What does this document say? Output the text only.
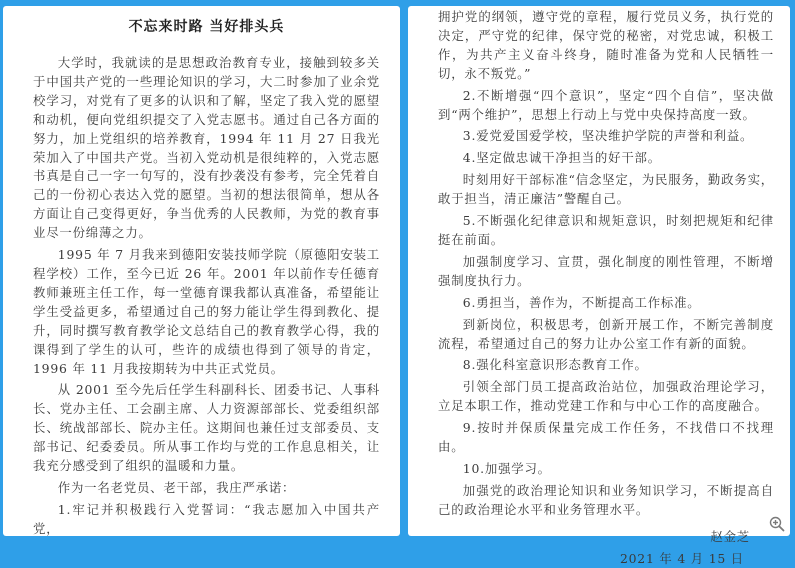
不忘来时路 当好排头兵

大学时，我就读的是思想政治教育专业，接触到较多关于中国共产党的一些理论知识的学习，大二时参加了业余党校学习，对党有了更多的认识和了解，坚定了我入党的愿望和动机，便向党组织提交了入党志愿书。通过自己各方面的努力，加上党组织的培养教育，1994 年 11 月 27 日我光荣加入了中国共产党。当初入党动机是很纯粹的，入党志愿书真是自己一字一句写的，没有抄袭没有参考，完全凭着自己的一份初心表达入党的愿望。当初的想法很简单，想从各方面让自己变得更好，争当优秀的人民教师，为党的教育事业尽一份绵薄之力。

1995 年 7 月我来到德阳安装技师学院（原德阳安装工程学校）工作，至今已近 26 年。2001 年以前作专任德育教师兼班主任工作，每一堂德育课我都认真准备，希望能让学生受益更多，希望通过自己的努力能让学生得到教化、提升，同时撰写教育教学论文总结自己的教育教学心得，我的课得到了学生的认可，些许的成绩也得到了领导的肯定，1996 年 11 月我按期转为中共正式党员。

从 2001 至今先后任学生科副科长、团委书记、人事科长、党办主任、工会副主席、人力资源部部长、党委组织部长、统战部部长、院办主任。这期间也兼任过支部委员、支部书记、纪委委员。所从事工作均与党的工作息息相关，让我充分感受到了组织的温暖和力量。

作为一名老党员、老干部，我庄严承诺：

1.牢记并积极践行入党誓词：“我志愿加入中国共产党，

拥护党的纲领，遵守党的章程，履行党员义务，执行党的决定，严守党的纪律，保守党的秘密，对党忠诚，积极工作，为共产主义奋斗终身，随时准备为党和人民牺牲一切，永不叛党。”

2.不断增强“四个意识”，坚定“四个自信”，坚决做到“两个维护”，思想上行动上与党中央保持高度一致。

3.爱党爱国爱学校，坚决维护学院的声誉和利益。

4.坚定做忠诚干净担当的好干部。

时刻用好干部标准“信念坚定，为民服务，勤政务实，敢于担当，清正廉洁”警醒自己。

5.不断强化纪律意识和规矩意识，时刻把规矩和纪律挺在前面。

加强制度学习、宣贯，强化制度的刚性管理，不断增强制度执行力。

6.勇担当，善作为，不断提高工作标准。

到新岗位，积极思考，创新开展工作，不断完善制度流程，希望通过自己的努力让办公室工作有新的面貌。

8.强化科室意识形态教育工作。

引领全部门员工提高政治站位，加强政治理论学习，立足本职工作，推动党建工作和与中心工作的高度融合。

9.按时并保质保量完成工作任务，不找借口不找理由。

10.加强学习。

加强党的政治理论知识和业务知识学习，不断提高自己的政治理论水平和业务管理水平。

赵金芝
2021 年 4 月 15 日
